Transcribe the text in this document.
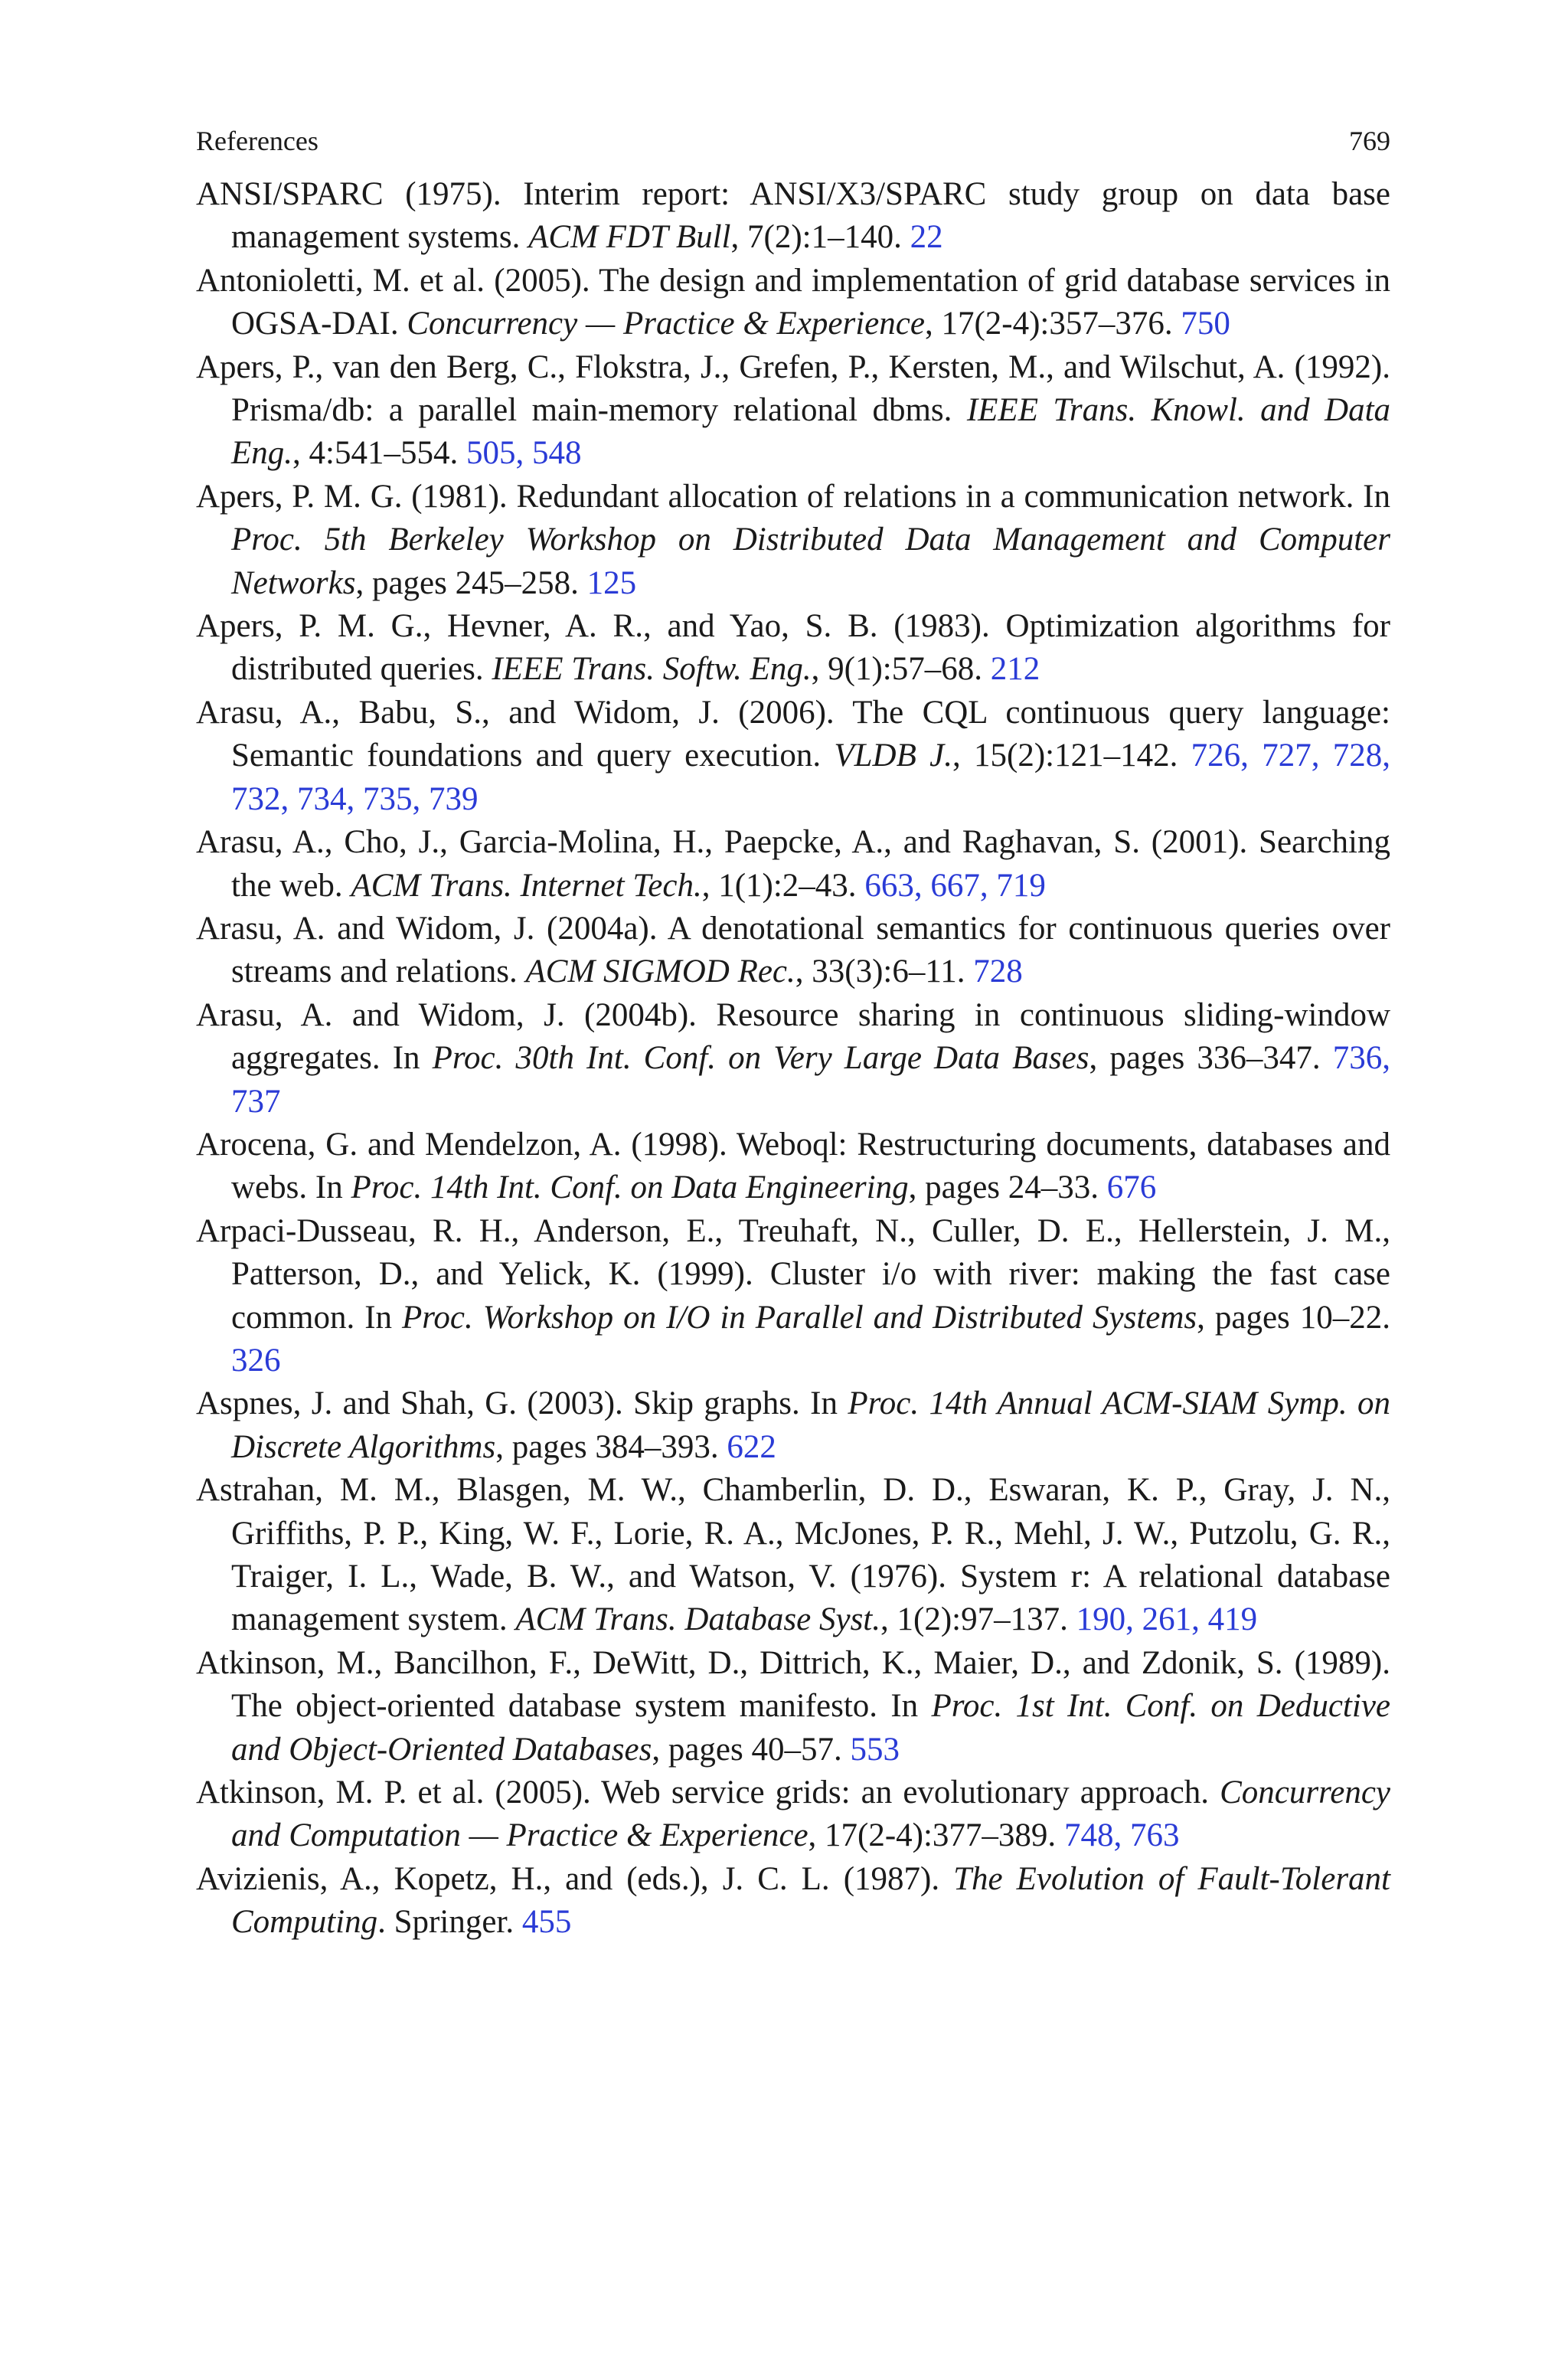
References	769
ANSI/SPARC (1975). Interim report: ANSI/X3/SPARC study group on data base management systems. ACM FDT Bull, 7(2):1–140. 22
Antonioletti, M. et al. (2005). The design and implementation of grid database services in OGSA-DAI. Concurrency — Practice & Experience, 17(2-4):357–376. 750
Apers, P., van den Berg, C., Flokstra, J., Grefen, P., Kersten, M., and Wilschut, A. (1992). Prisma/db: a parallel main-memory relational dbms. IEEE Trans. Knowl. and Data Eng., 4:541–554. 505, 548
Apers, P. M. G. (1981). Redundant allocation of relations in a communication network. In Proc. 5th Berkeley Workshop on Distributed Data Management and Computer Networks, pages 245–258. 125
Apers, P. M. G., Hevner, A. R., and Yao, S. B. (1983). Optimization algorithms for distributed queries. IEEE Trans. Softw. Eng., 9(1):57–68. 212
Arasu, A., Babu, S., and Widom, J. (2006). The CQL continuous query language: Semantic foundations and query execution. VLDB J., 15(2):121–142. 726, 727, 728, 732, 734, 735, 739
Arasu, A., Cho, J., Garcia-Molina, H., Paepcke, A., and Raghavan, S. (2001). Searching the web. ACM Trans. Internet Tech., 1(1):2–43. 663, 667, 719
Arasu, A. and Widom, J. (2004a). A denotational semantics for continuous queries over streams and relations. ACM SIGMOD Rec., 33(3):6–11. 728
Arasu, A. and Widom, J. (2004b). Resource sharing in continuous sliding-window aggregates. In Proc. 30th Int. Conf. on Very Large Data Bases, pages 336–347. 736, 737
Arocena, G. and Mendelzon, A. (1998). Weboql: Restructuring documents, databases and webs. In Proc. 14th Int. Conf. on Data Engineering, pages 24–33. 676
Arpaci-Dusseau, R. H., Anderson, E., Treuhaft, N., Culler, D. E., Hellerstein, J. M., Patterson, D., and Yelick, K. (1999). Cluster i/o with river: making the fast case common. In Proc. Workshop on I/O in Parallel and Distributed Systems, pages 10–22. 326
Aspnes, J. and Shah, G. (2003). Skip graphs. In Proc. 14th Annual ACM-SIAM Symp. on Discrete Algorithms, pages 384–393. 622
Astrahan, M. M., Blasgen, M. W., Chamberlin, D. D., Eswaran, K. P., Gray, J. N., Griffiths, P. P., King, W. F., Lorie, R. A., McJones, P. R., Mehl, J. W., Putzolu, G. R., Traiger, I. L., Wade, B. W., and Watson, V. (1976). System r: A relational database management system. ACM Trans. Database Syst., 1(2):97–137. 190, 261, 419
Atkinson, M., Bancilhon, F., DeWitt, D., Dittrich, K., Maier, D., and Zdonik, S. (1989). The object-oriented database system manifesto. In Proc. 1st Int. Conf. on Deductive and Object-Oriented Databases, pages 40–57. 553
Atkinson, M. P. et al. (2005). Web service grids: an evolutionary approach. Concurrency and Computation — Practice & Experience, 17(2-4):377–389. 748, 763
Avizienis, A., Kopetz, H., and (eds.), J. C. L. (1987). The Evolution of Fault-Tolerant Computing. Springer. 455
